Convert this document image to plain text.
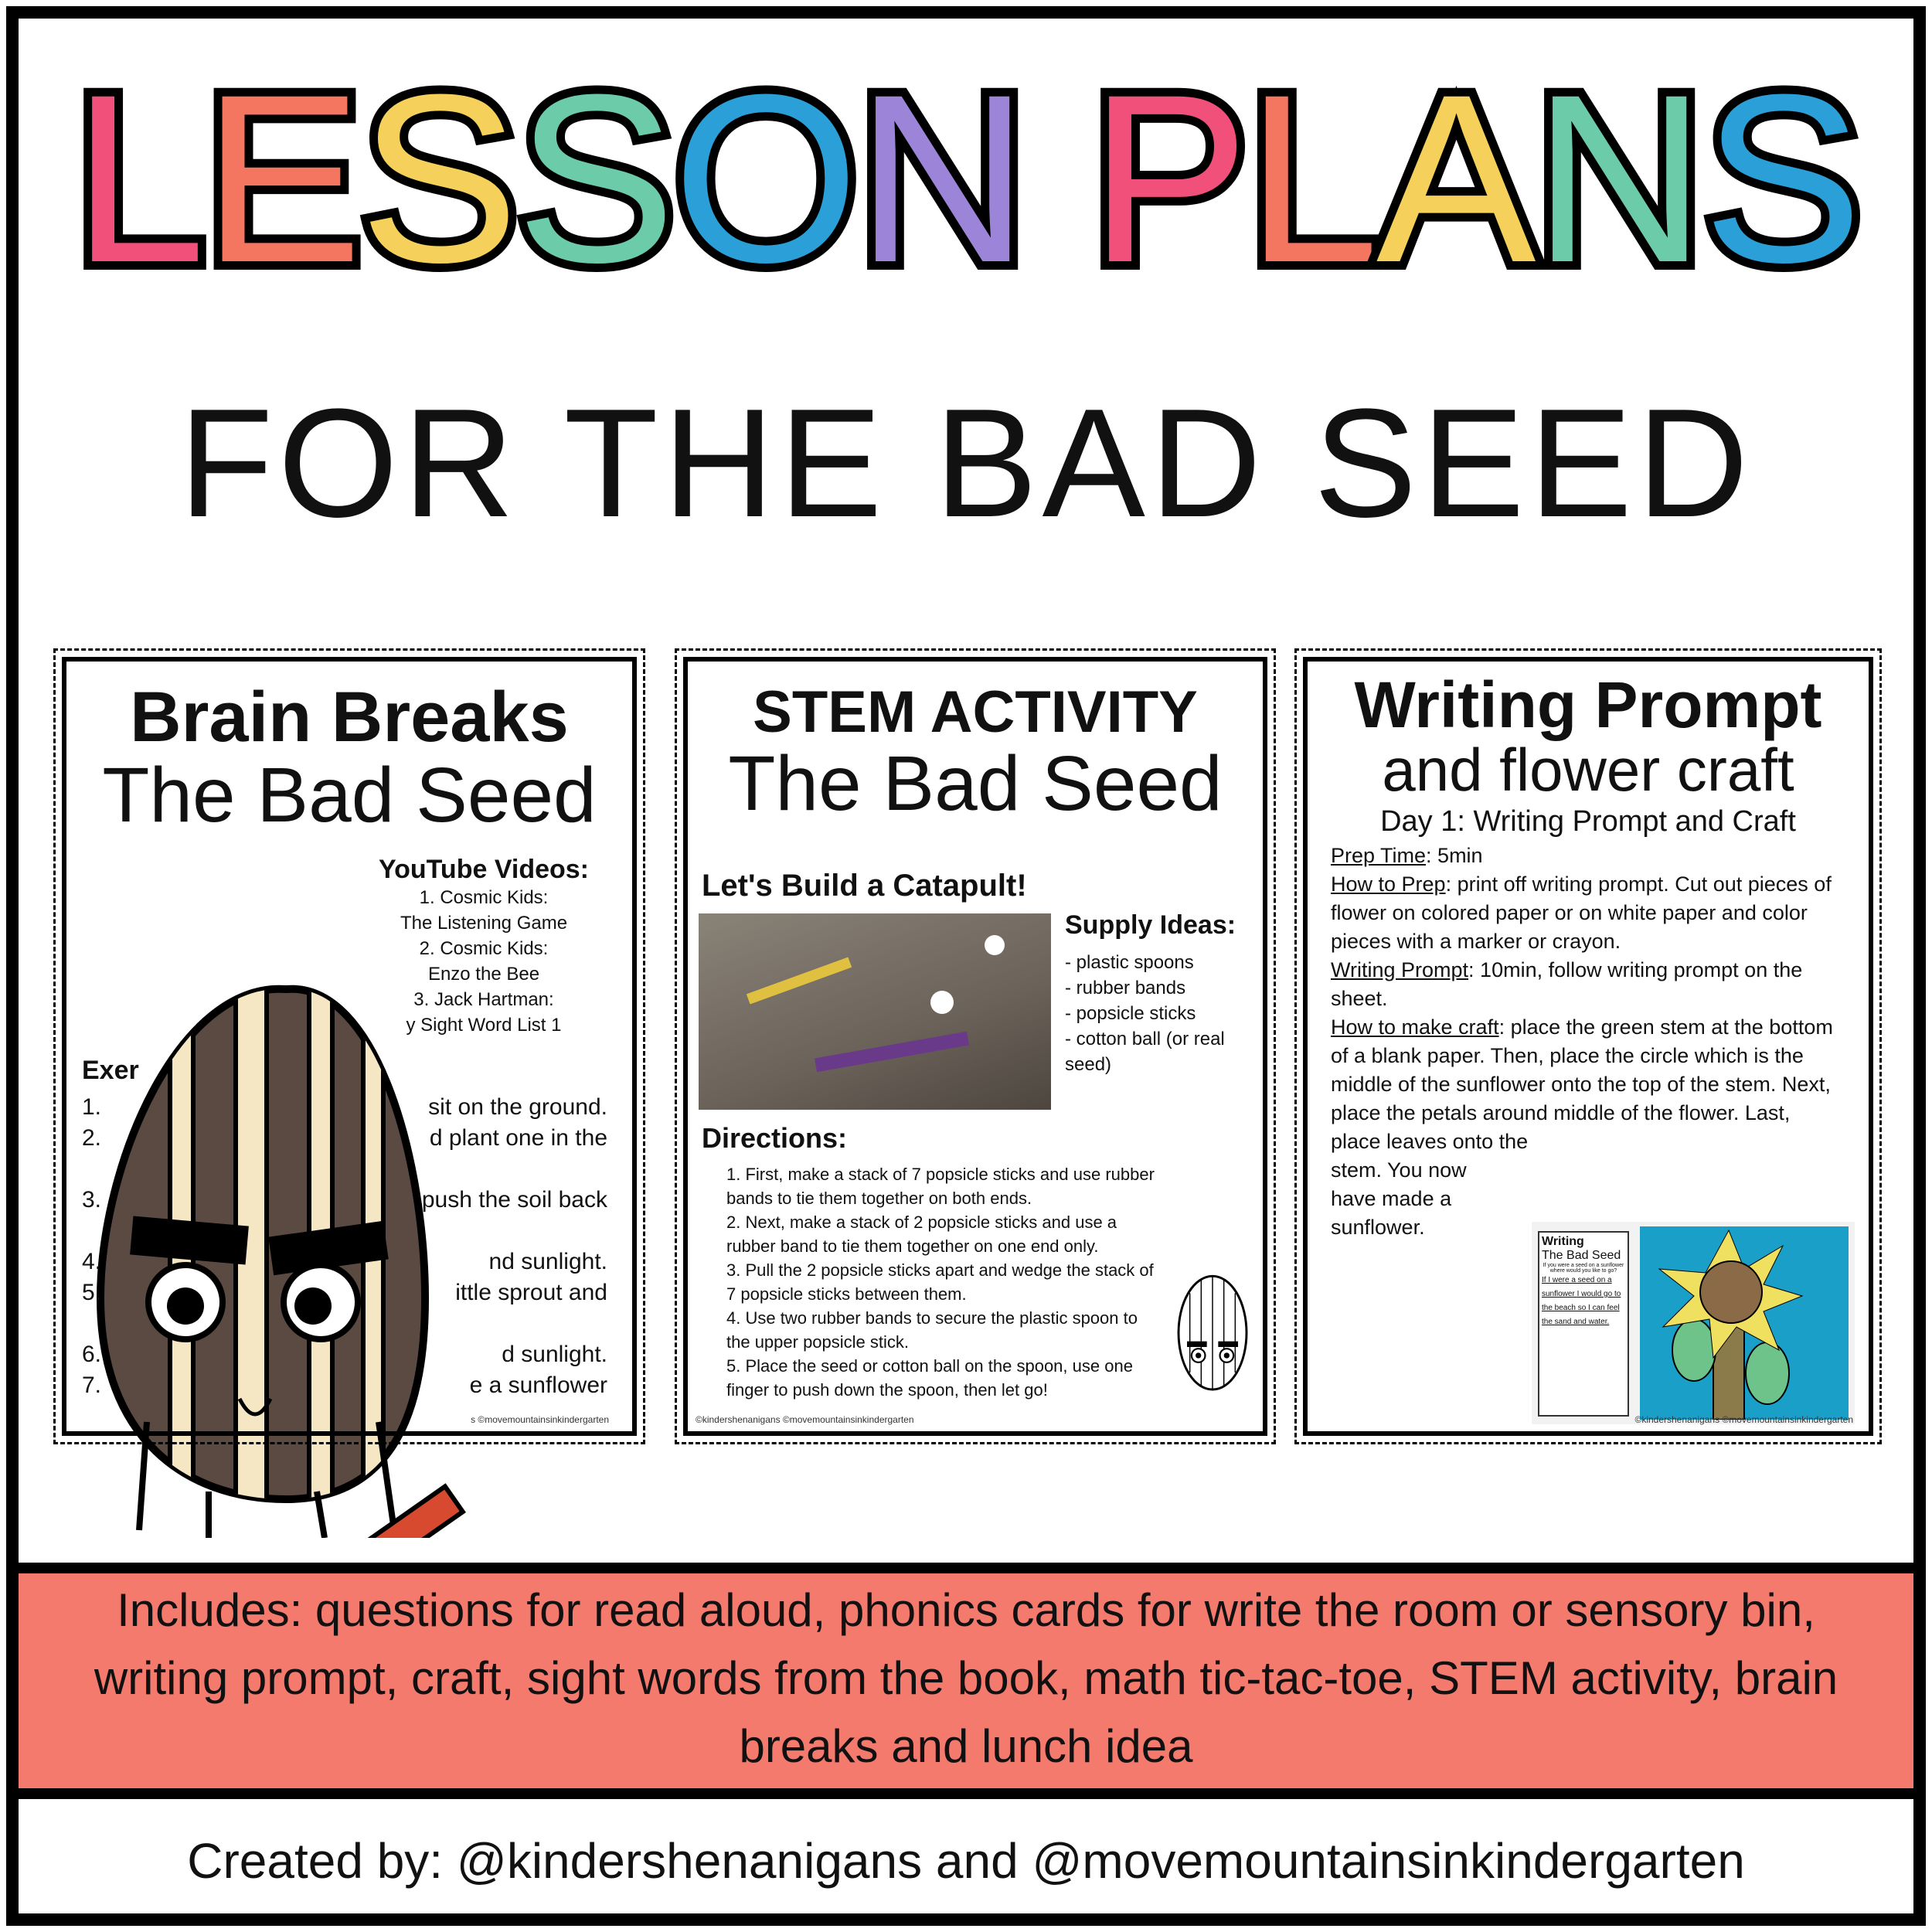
LESSON PLANS
FOR THE BAD SEED
Brain Breaks
The Bad Seed
YouTube Videos:
1. Cosmic Kids:
The Listening Game
2. Cosmic Kids:
Enzo the Bee
3. Jack Hartman:
y Sight Word List 1
Exer
1.	sit on the ground.
2.	d plant one in the
3.	push the soil back
4.	nd sunlight.
5.	ittle sprout and
6.	d sunlight.
7.	e a sunflower
s ©movemountainsinkindergarten
STEM ACTIVITY
The Bad Seed
Let's Build a Catapult!
Supply Ideas:
- plastic spoons
- rubber bands
- popsicle sticks
- cotton ball (or real seed)
Directions:
1. First, make a stack of 7 popsicle sticks and use rubber bands to tie them together on both ends.
2. Next, make a stack of 2 popsicle sticks and use a rubber band to tie them together on one end only.
3. Pull the 2 popsicle sticks apart and wedge the stack of 7 popsicle sticks between them.
4. Use two rubber bands to secure the plastic spoon to the upper popsicle stick.
5. Place the seed or cotton ball on the spoon, use one finger to push down the spoon, then let go!
©kindershenanigans ©movemountainsinkindergarten
Writing Prompt
and flower craft
Day 1: Writing Prompt and Craft
Prep Time: 5min
How to Prep: print off writing prompt. Cut out pieces of flower on colored paper or on white paper and color pieces with a marker or crayon.
Writing Prompt: 10min, follow writing prompt on the sheet.
How to make craft: place the green stem at the bottom of a blank paper. Then, place the circle which is the middle of the sunflower onto the top of the stem. Next, place the petals around middle of the flower. Last, place leaves onto the
stem. You now have made a sunflower.
Writing
The Bad Seed
If you were a seed on a sunflower where would you like to go?
If I were a seed on a sunflower I would go to the beach so I can feel the sand and water.
©kindershenanigans ©movemountainsinkindergarten
Includes: questions for read aloud, phonics cards for write the room or sensory bin, writing prompt, craft, sight words from the book, math tic-tac-toe, STEM activity, brain breaks and lunch idea
Created by: @kindershenanigans and @movemountainsinkindergarten
